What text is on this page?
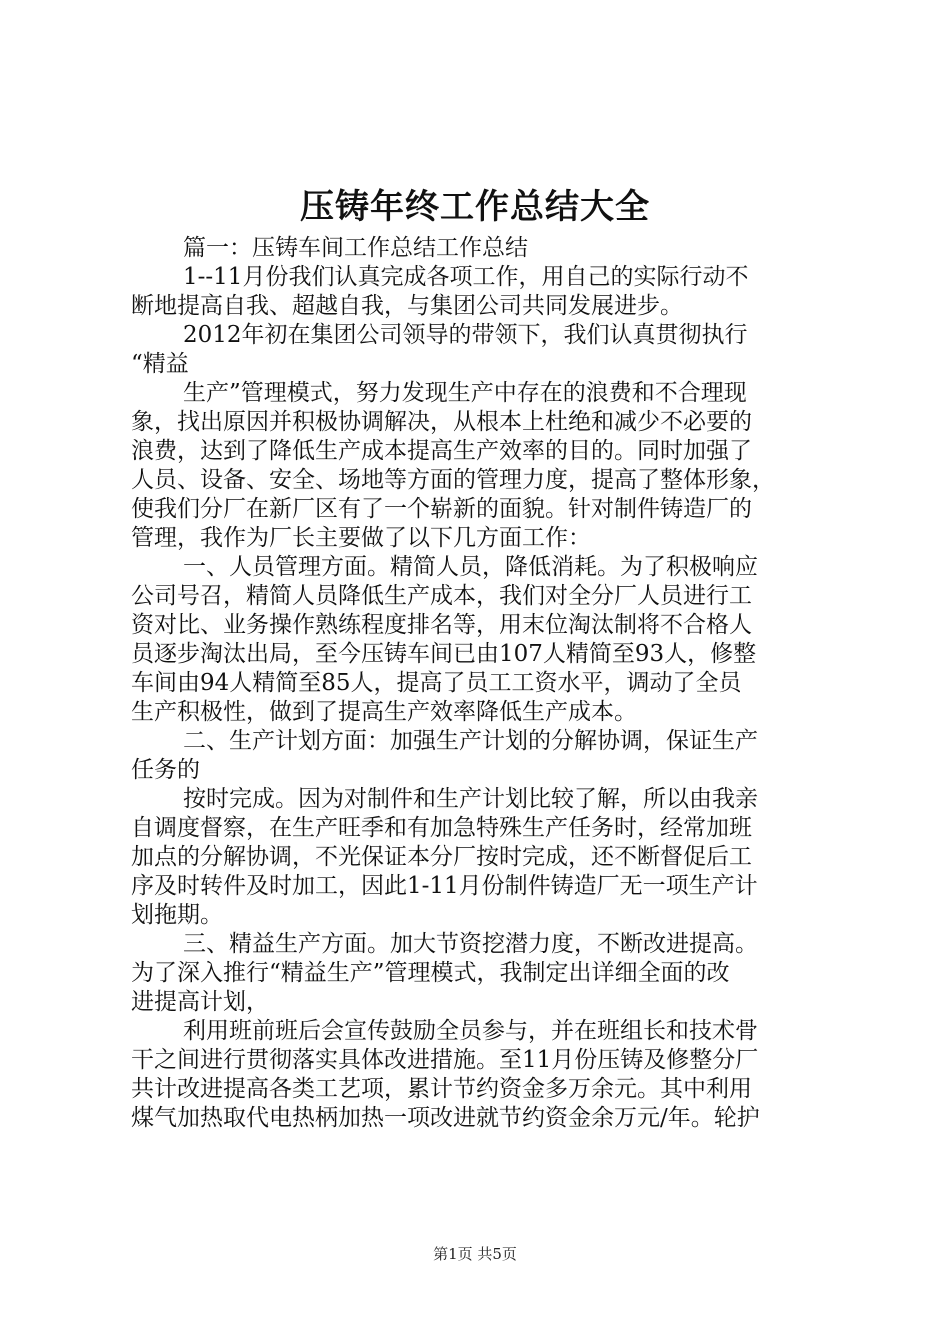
压铸年终工作总结大全
篇一：压铸车间工作总结工作总结
1--11月份我们认真完成各项工作，用自己的实际行动不
断地提高自我、超越自我，与集团公司共同发展进步。
2012年初在集团公司领导的带领下，我们认真贯彻执行
“精益
生产”管理模式，努力发现生产中存在的浪费和不合理现
象，找出原因并积极协调解决，从根本上杜绝和减少不必要的
浪费，达到了降低生产成本提高生产效率的目的。同时加强了
人员、设备、安全、场地等方面的管理力度，提高了整体形象，
使我们分厂在新厂区有了一个崭新的面貌。针对制件铸造厂的
管理，我作为厂长主要做了以下几方面工作：
一、人员管理方面。精简人员，降低消耗。为了积极响应
公司号召，精简人员降低生产成本，我们对全分厂人员进行工
资对比、业务操作熟练程度排名等，用末位淘汰制将不合格人
员逐步淘汰出局，至今压铸车间已由107人精简至93人，修整
车间由94人精简至85人，提高了员工工资水平，调动了全员
生产积极性，做到了提高生产效率降低生产成本。
二、生产计划方面：加强生产计划的分解协调，保证生产
任务的
按时完成。因为对制件和生产计划比较了解，所以由我亲
自调度督察，在生产旺季和有加急特殊生产任务时，经常加班
加点的分解协调，不光保证本分厂按时完成，还不断督促后工
序及时转件及时加工，因此1-11月份制件铸造厂无一项生产计
划拖期。
三、精益生产方面。加大节资挖潜力度，不断改进提高。
为了深入推行“精益生产”管理模式，我制定出详细全面的改
进提高计划，
利用班前班后会宣传鼓励全员参与，并在班组长和技术骨
干之间进行贯彻落实具体改进措施。至11月份压铸及修整分厂
共计改进提高各类工艺项，累计节约资金多万余元。其中利用
煤气加热取代电热柄加热一项改进就节约资金余万元/年。轮护
第1页 共5页
